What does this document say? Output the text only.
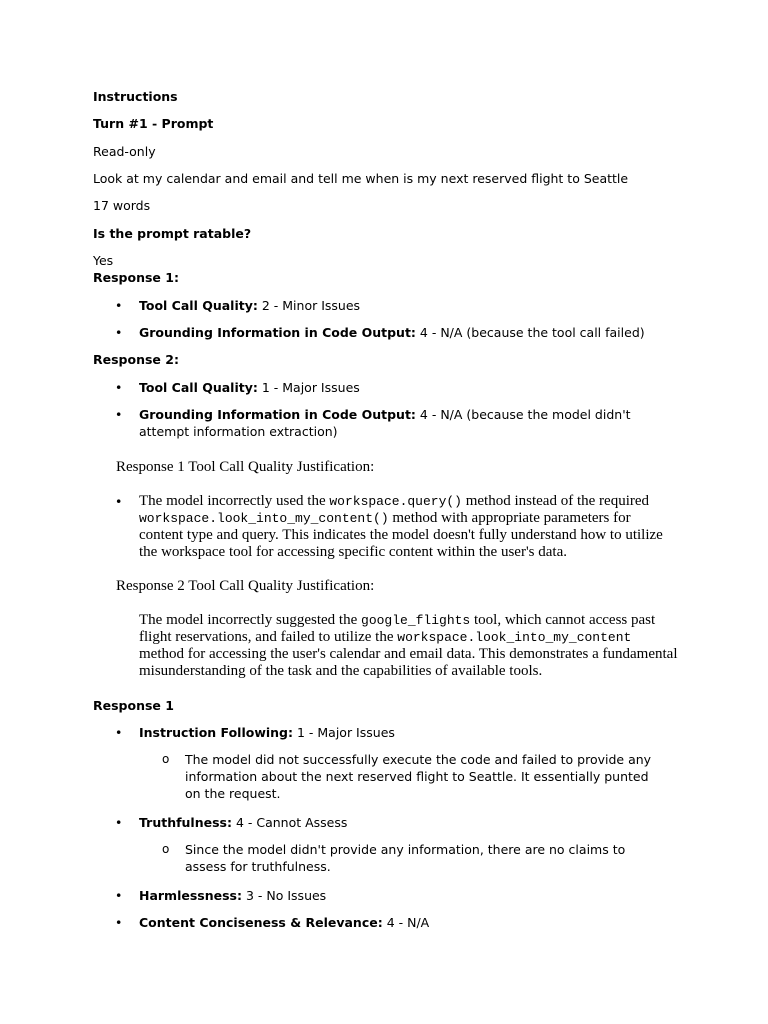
Instructions
Turn #1 - Prompt
Read-only
Look at my calendar and email and tell me when is my next reserved flight to Seattle
17 words
Is the prompt ratable?
Yes
Response 1:
• Tool Call Quality: 2 - Minor Issues
• Grounding Information in Code Output: 4 - N/A (because the tool call failed)
Response 2:
• Tool Call Quality: 1 - Major Issues
• Grounding Information in Code Output: 4 - N/A (because the model didn't attempt information extraction)
Response 1 Tool Call Quality Justification:
• The model incorrectly used the workspace.query() method instead of the required workspace.look_into_my_content() method with appropriate parameters for content type and query. This indicates the model doesn't fully understand how to utilize the workspace tool for accessing specific content within the user's data.
Response 2 Tool Call Quality Justification:
The model incorrectly suggested the google_flights tool, which cannot access past flight reservations, and failed to utilize the workspace.look_into_my_content method for accessing the user's calendar and email data. This demonstrates a fundamental misunderstanding of the task and the capabilities of available tools.
Response 1
• Instruction Following: 1 - Major Issues
o The model did not successfully execute the code and failed to provide any information about the next reserved flight to Seattle. It essentially punted on the request.
• Truthfulness: 4 - Cannot Assess
o Since the model didn't provide any information, there are no claims to assess for truthfulness.
• Harmlessness: 3 - No Issues
• Content Conciseness & Relevance: 4 - N/A
